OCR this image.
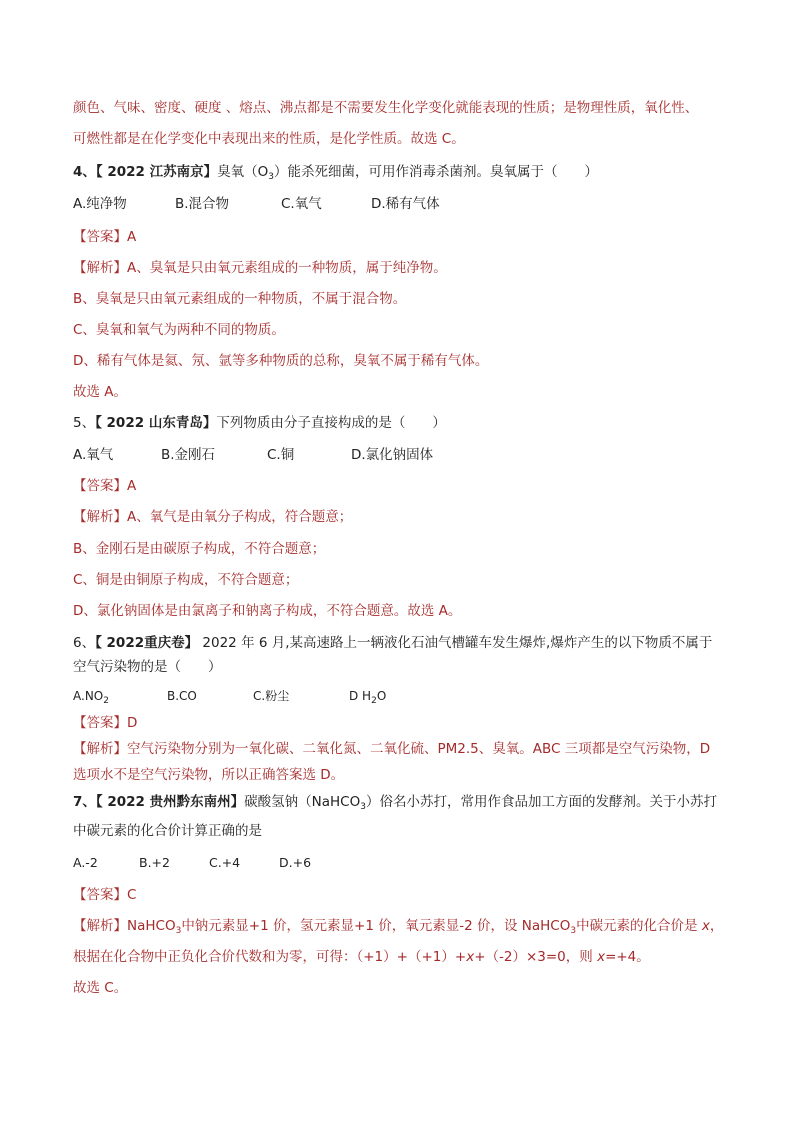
颜色、气味、密度、硬度 、熔点、沸点都是不需要发生化学变化就能表现的性质；是物理性质，氧化性、
可燃性都是在化学变化中表现出来的性质，是化学性质。故选 C。
4、【 2022 江苏南京】臭氧$(O_3)$能杀死细菌，可用作消毒杀菌剂。臭氧属于（　　）
A.纯净物	B.混合物	C.氧气	D.稀有气体
【答案】A
【解析】A、臭氧是只由氧元素组成的一种物质，属于纯净物。
B、臭氧是只由氧元素组成的一种物质，不属于混合物。
C、臭氧和氧气为两种不同的物质。
D、稀有气体是氦、氖、氩等多种物质的总称，臭氧不属于稀有气体。
故选 A。
5、【 2022 山东青岛】下列物质由分子直接构成的是（　　）
A.氧气	B.金刚石	C.铜	D.氯化钠固体
【答案】A
【解析】A、氧气是由氧分子构成，符合题意；
B、金刚石是由碳原子构成，不符合题意；
C、铜是由铜原子构成，不符合题意；
D、氯化钠固体是由氯离子和钠离子构成，不符合题意。故选 A。
6、【 2022重庆卷】 2022 年 6 月,某高速路上一辆液化石油气槽罐车发生爆炸,爆炸产生的以下物质不属于
空气污染物的是（　　）
$A.NO_2$	B.CO	C.粉尘	D $H_2O$
【答案】D
【解析】空气污染物分别为一氧化碳、二氧化氮、二氧化硫、PM2.5、臭氧。ABC 三项都是空气污染物，D
选项水不是空气污染物，所以正确答案选 D。
7、【 2022 贵州黔东南州】碳酸氢钠（NaHCO$_3$）俗名小苏打，常用作食品加工方面的发酵剂。关于小苏打
中碳元素的化合价计算正确的是
A.-2	B.+2	C.+4	D.+6
【答案】C
【解析】NaHCO$_3$中钠元素显+1 价，氢元素显+1 价，氧元素显-2 价，设 NaHCO$_3$中碳元素的化合价是 x，
根据在化合物中正负化合价代数和为零，可得：（+1）+（+1）+x+（-2）×3=0，则 x=+4。
故选 C。
